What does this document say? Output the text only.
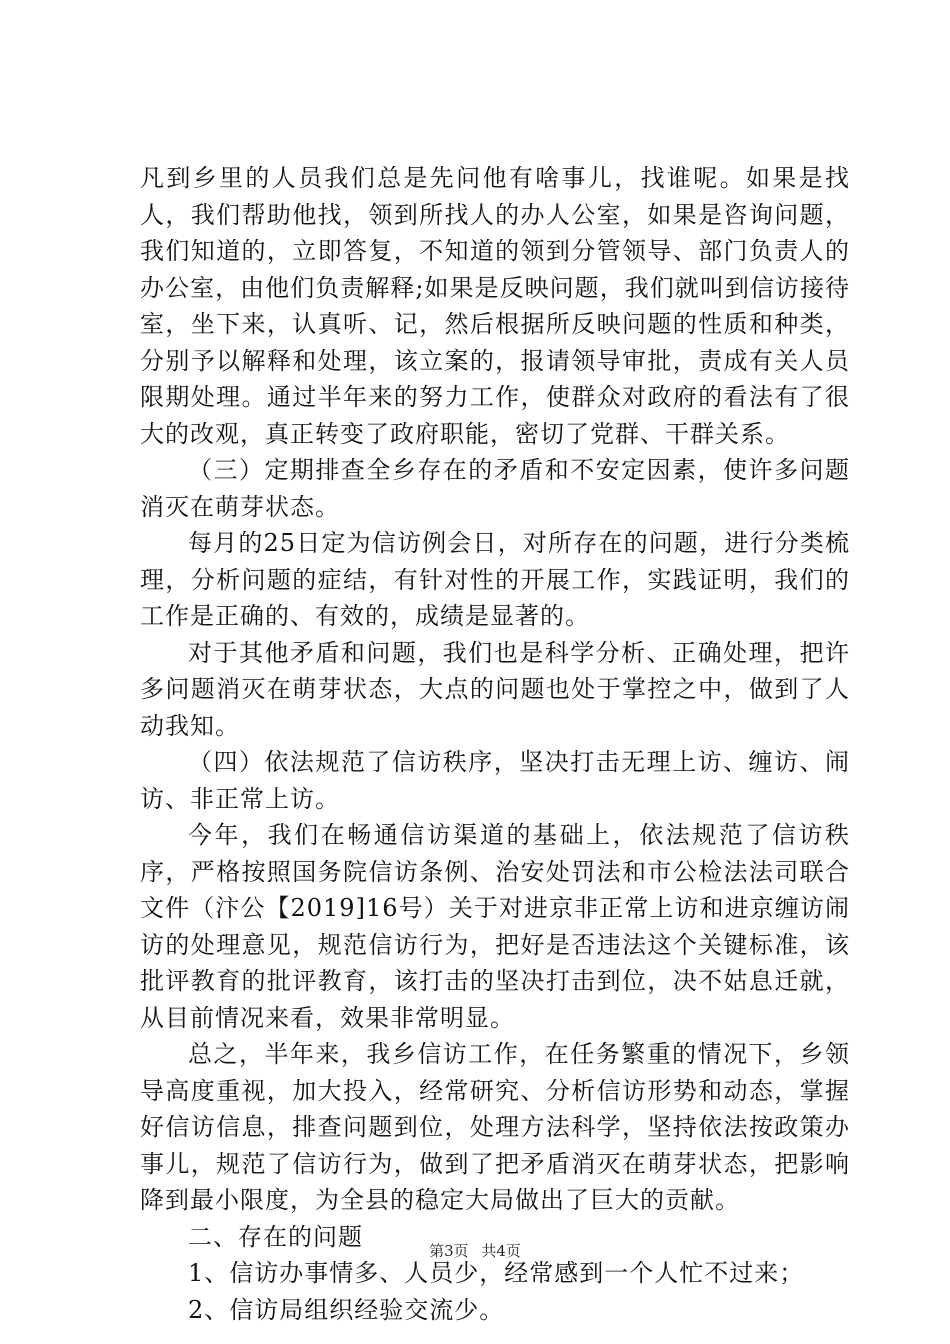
凡到乡里的人员我们总是先问他有啥事儿，找谁呢。如果是找人，我们帮助他找，领到所找人的办人公室，如果是咨询问题，我们知道的，立即答复，不知道的领到分管领导、部门负责人的办公室，由他们负责解释;如果是反映问题，我们就叫到信访接待室，坐下来，认真听、记，然后根据所反映问题的性质和种类，分别予以解释和处理，该立案的，报请领导审批，责成有关人员限期处理。通过半年来的努力工作，使群众对政府的看法有了很大的改观，真正转变了政府职能，密切了党群、干群关系。

（三）定期排查全乡存在的矛盾和不安定因素，使许多问题消灭在萌芽状态。

每月的25日定为信访例会日，对所存在的问题，进行分类梳理，分析问题的症结，有针对性的开展工作，实践证明，我们的工作是正确的、有效的，成绩是显著的。

对于其他矛盾和问题，我们也是科学分析、正确处理，把许多问题消灭在萌芽状态，大点的问题也处于掌控之中，做到了人动我知。

（四）依法规范了信访秩序，坚决打击无理上访、缠访、闹访、非正常上访。

今年，我们在畅通信访渠道的基础上，依法规范了信访秩序，严格按照国务院信访条例、治安处罚法和市公检法法司联合文件（汴公【2019]16号）关于对进京非正常上访和进京缠访闹访的处理意见，规范信访行为，把好是否违法这个关键标准，该批评教育的批评教育，该打击的坚决打击到位，决不姑息迁就，从目前情况来看，效果非常明显。

总之，半年来，我乡信访工作，在任务繁重的情况下，乡领导高度重视，加大投入，经常研究、分析信访形势和动态，掌握好信访信息，排查问题到位，处理方法科学，坚持依法按政策办事儿，规范了信访行为，做到了把矛盾消灭在萌芽状态，把影响降到最小限度，为全县的稳定大局做出了巨大的贡献。

二、存在的问题

1、信访办事情多、人员少，经常感到一个人忙不过来；

2、信访局组织经验交流少。

第3页 共4页
